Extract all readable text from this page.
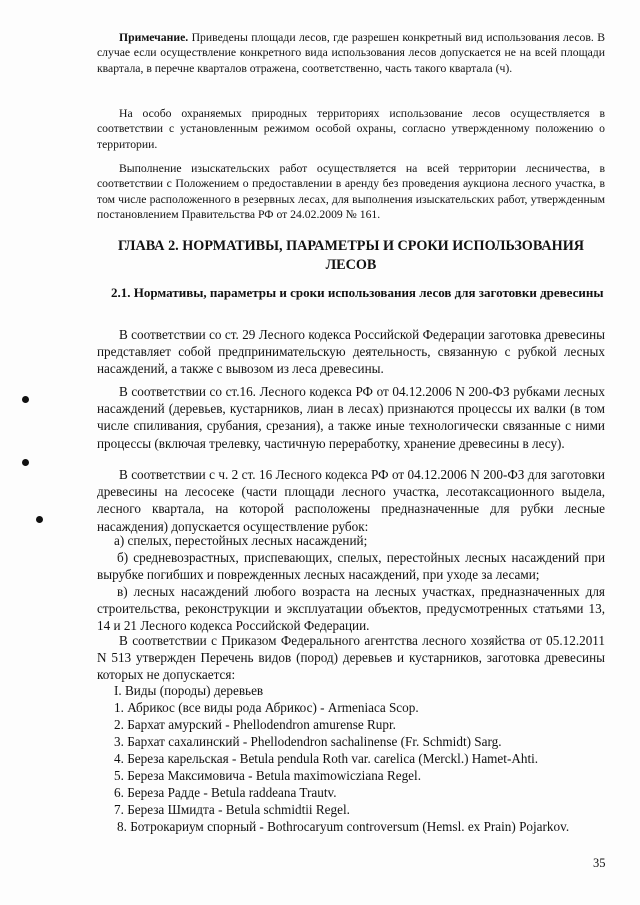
Примечание. Приведены площади лесов, где разрешен конкретный вид использования лесов. В случае если осуществление конкретного вида использования лесов допускается не на всей площади квартала, в перечне кварталов отражена, соответственно, часть такого квартала (ч).

На особо охраняемых природных территориях использование лесов осуществляется в соответствии с установленным режимом особой охраны, согласно утвержденному положению о территории.

Выполнение изыскательских работ осуществляется на всей территории лесничества, в соответствии с Положением о предоставлении в аренду без проведения аукциона лесного участка, в том числе расположенного в резервных лесах, для выполнения изыскательских работ, утвержденным постановлением Правительства РФ от 24.02.2009 № 161.

ГЛАВА 2. НОРМАТИВЫ, ПАРАМЕТРЫ И СРОКИ ИСПОЛЬЗОВАНИЯ
ЛЕСОВ
2.1. Нормативы, параметры и сроки использования лесов для заготовки древесины

В соответствии со ст. 29 Лесного кодекса Российской Федерации заготовка древесины представляет собой предпринимательскую деятельность, связанную с рубкой лесных насаждений, а также с вывозом из леса древесины.

В соответствии со ст.16. Лесного кодекса РФ от 04.12.2006 N 200-ФЗ рубками лесных насаждений (деревьев, кустарников, лиан в лесах) признаются процессы их валки (в том числе спиливания, срубания, срезания), а также иные технологически связанные с ними процессы (включая трелевку, частичную переработку, хранение древесины в лесу).

В соответствии с ч. 2 ст. 16 Лесного кодекса РФ от 04.12.2006 N 200-ФЗ для заготовки древесины на лесосеке (части площади лесного участка, лесотаксационного выдела, лесного квартала, на которой расположены предназначенные для рубки лесные насаждения) допускается осуществление рубок:

а) спелых, перестойных лесных насаждений;
б) средневозрастных, приспевающих, спелых, перестойных лесных насаждений при вырубке погибших и поврежденных лесных насаждений, при уходе за лесами;
в) лесных насаждений любого возраста на лесных участках, предназначенных для строительства, реконструкции и эксплуатации объектов, предусмотренных статьями 13, 14 и 21 Лесного кодекса Российской Федерации.

В соответствии с Приказом Федерального агентства лесного хозяйства от 05.12.2011 N 513 утвержден Перечень видов (пород) деревьев и кустарников, заготовка древесины которых не допускается:

I. Виды (породы) деревьев
1. Абрикос (все виды рода Абрикос) - Armeniaca Scop.
2. Бархат амурский - Phellodendron amurense Rupr.
3. Бархат сахалинский - Phellodendron sachalinense (Fr. Schmidt) Sarg.
4. Береза карельская - Betula pendula Roth var. carelica (Merckl.) Hamet-Ahti.
5. Береза Максимовича - Betula maximowicziana Regel.
6. Береза Радде - Betula raddeana Trautv.
7. Береза Шмидта - Betula schmidtii Regel.
8. Ботрокариум спорный - Bothrocaryum controversum (Hemsl. ex Prain) Pojarkov.
35
